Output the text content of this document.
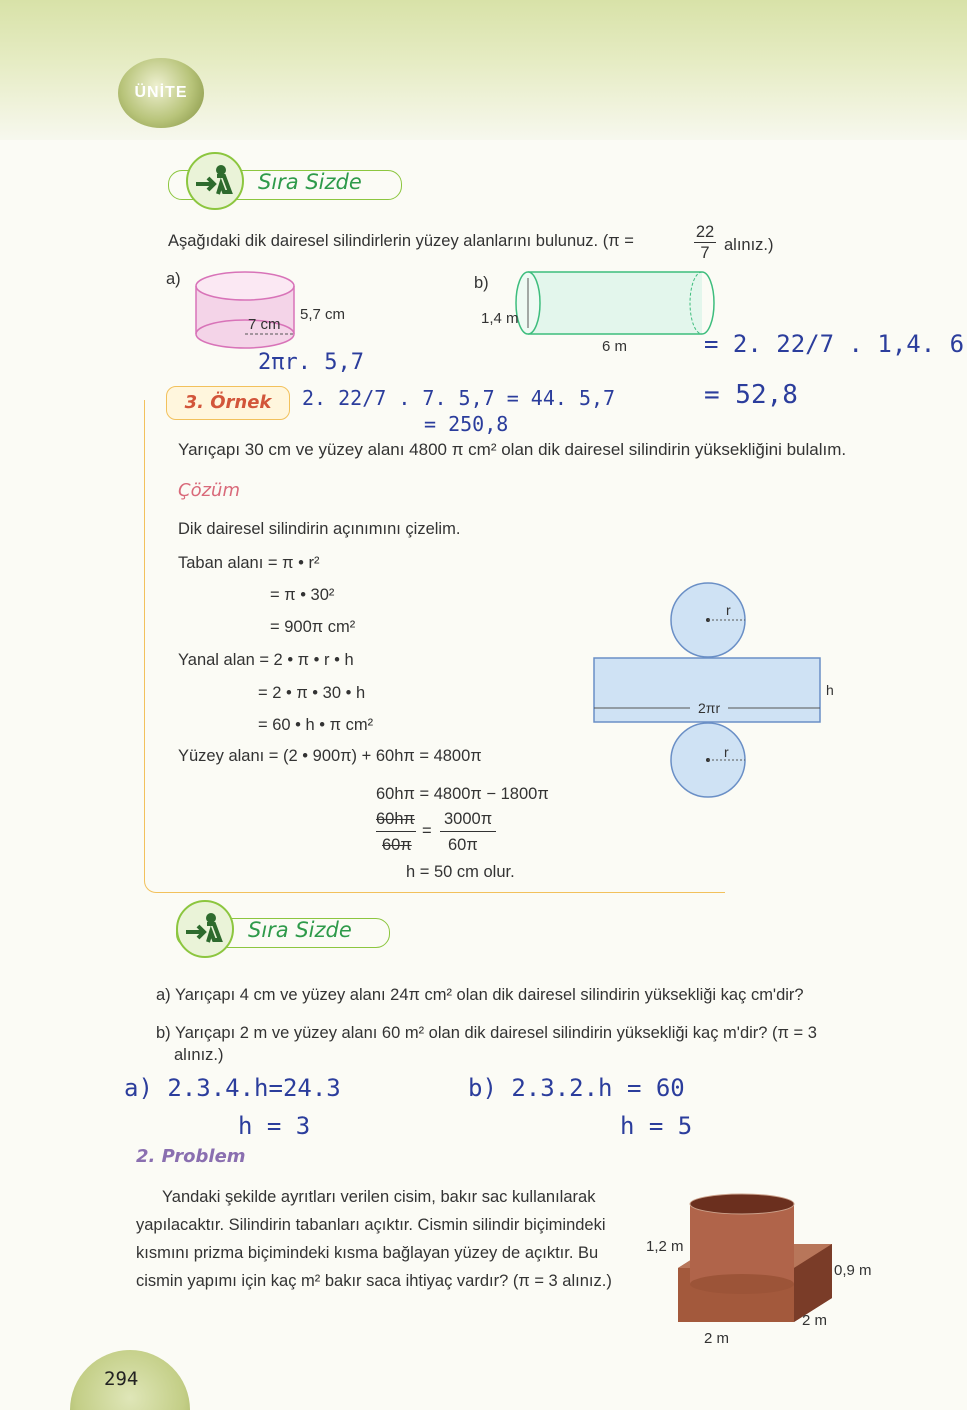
ÜNİTE
Sıra Sizde
Aşağıdaki dik dairesel silindirlerin yüzey alanlarını bulunuz. (π =	$\frac{22}{7}$ alınız.)
a)
7 cm
5,7 cm
b)
1,4 m
6 m
2πr. 5,7
2. 22/7 . 7. 5,7 = 44. 5,7
= 250,8
= 2. 22/7 . 1,4. 6
= 52,8
3. Örnek
Yarıçapı 30 cm ve yüzey alanı 4800 π cm² olan dik dairesel silindirin yüksekliğini bulalım.
Çözüm
Dik dairesel silindirin açınımını çizelim.
Taban alanı = π • r²
= π • 30²
= 900π cm²
Yanal alan = 2 • π • r • h
= 2 • π • 30 • h
= 60 • h • π cm²
Yüzey alanı = (2 • 900π) + 60hπ = 4800π
60hπ = 4800π − 1800π
60hπ
60π
=
3000π
60π
h = 50 cm olur.
r
2πr
h
r
Sıra Sizde
a) Yarıçapı 4 cm ve yüzey alanı 24π cm² olan dik dairesel silindirin yüksekliği kaç cm'dir?
b) Yarıçapı 2 m ve yüzey alanı 60 m² olan dik dairesel silindirin yüksekliği kaç m'dir? (π = 3
alınız.)
a) 2.3.4.h=24.3
h = 3
b) 2.3.2.h = 60
h = 5
2. Problem
Yandaki şekilde ayrıtları verilen cisim, bakır sac kullanılarak
yapılacaktır. Silindirin tabanları açıktır. Cismin silindir biçimindeki
kısmını prizma biçimindeki kısma bağlayan yüzey de açıktır. Bu
cismin yapımı için kaç m² bakır saca ihtiyaç vardır? (π = 3 alınız.)
1,2 m
0,9 m
2 m
2 m
294
